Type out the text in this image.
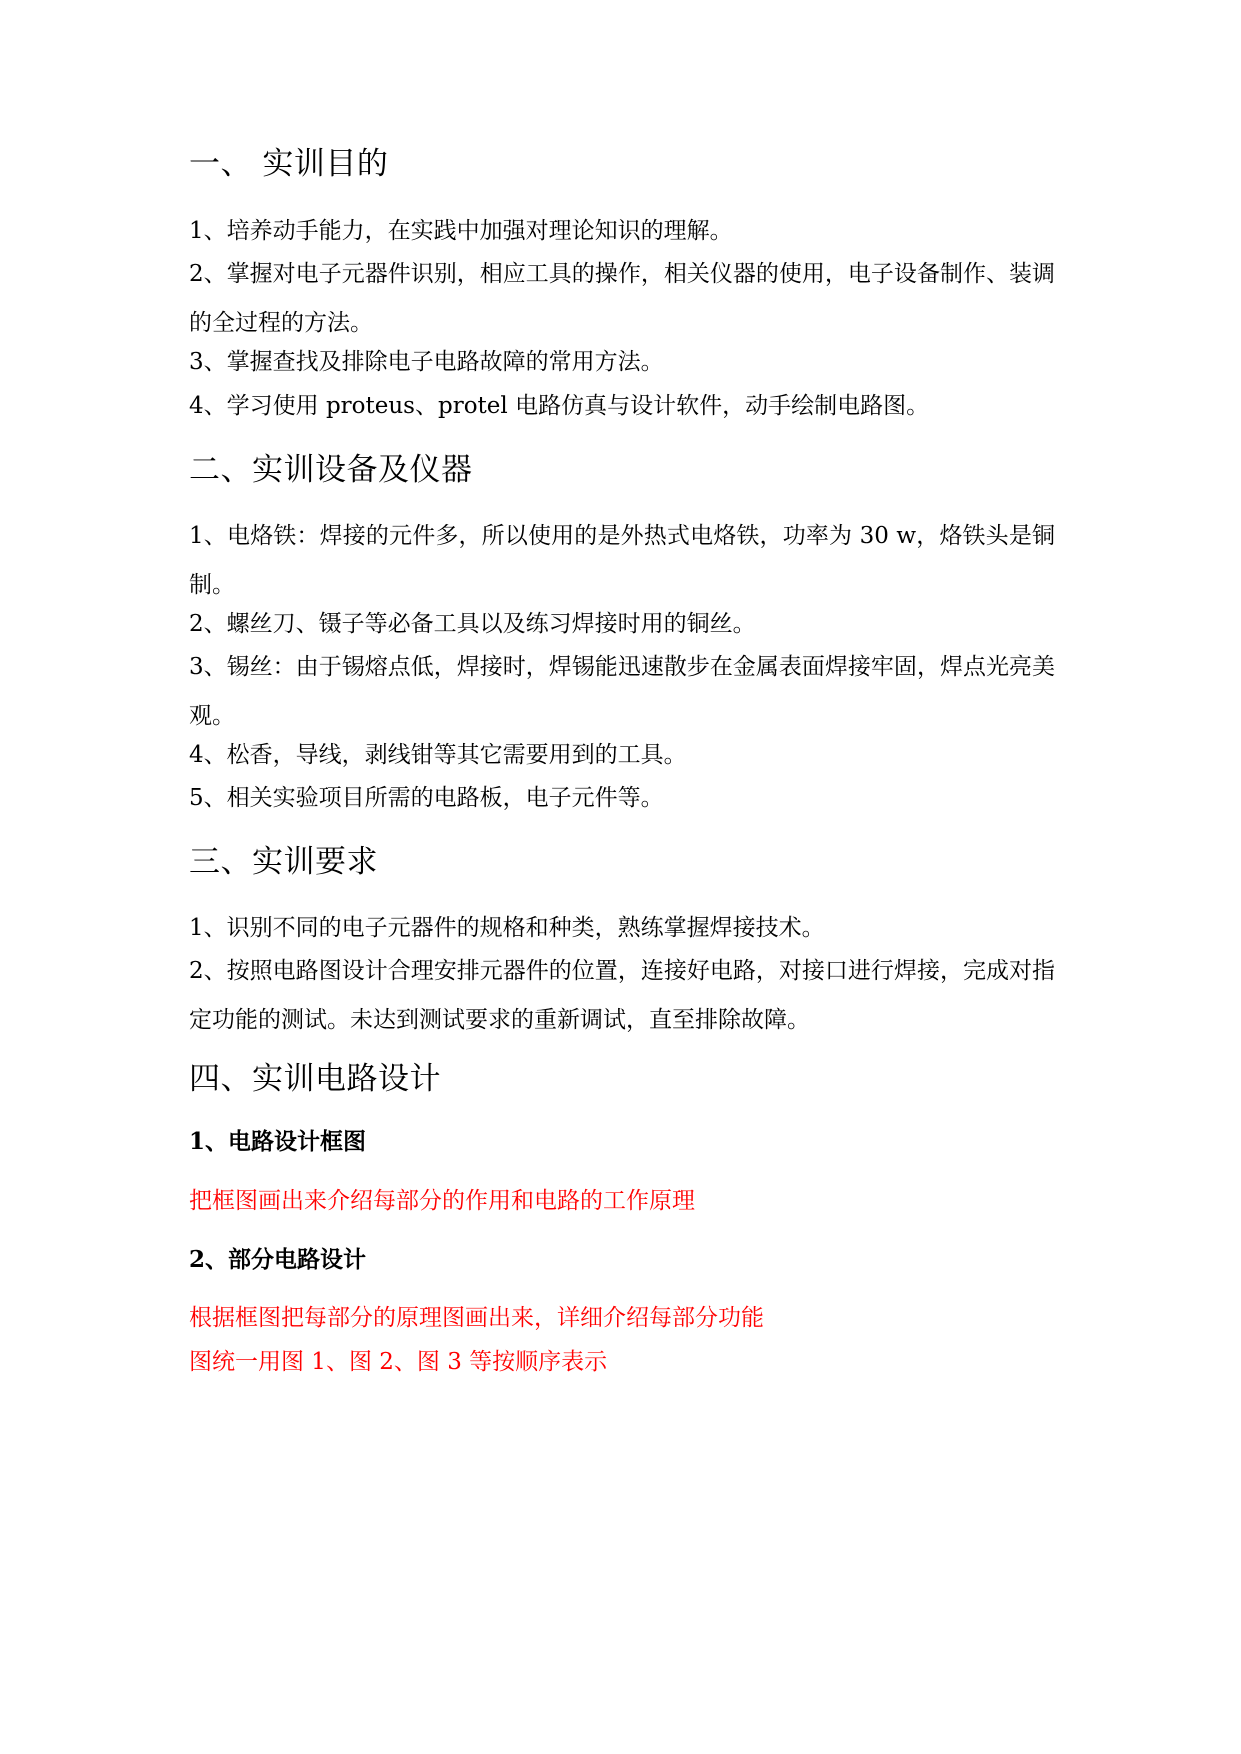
一、 实训目的
1、培养动手能力，在实践中加强对理论知识的理解。
2、掌握对电子元器件识别，相应工具的操作，相关仪器的使用，电子设备制作、装调的全过程的方法。
3、掌握查找及排除电子电路故障的常用方法。
4、学习使用 proteus、protel 电路仿真与设计软件，动手绘制电路图。
二、实训设备及仪器
1、电烙铁：焊接的元件多，所以使用的是外热式电烙铁，功率为 30 w，烙铁头是铜制。
2、螺丝刀、镊子等必备工具以及练习焊接时用的铜丝。
3、锡丝：由于锡熔点低，焊接时，焊锡能迅速散步在金属表面焊接牢固，焊点光亮美观。
4、松香，导线，剥线钳等其它需要用到的工具。
5、相关实验项目所需的电路板，电子元件等。
三、实训要求
1、识别不同的电子元器件的规格和种类，熟练掌握焊接技术。
2、按照电路图设计合理安排元器件的位置，连接好电路，对接口进行焊接，完成对指定功能的测试。未达到测试要求的重新调试，直至排除故障。
四、实训电路设计
1、电路设计框图
把框图画出来介绍每部分的作用和电路的工作原理
2、部分电路设计
根据框图把每部分的原理图画出来，详细介绍每部分功能
图统一用图 1、图 2、图 3 等按顺序表示
